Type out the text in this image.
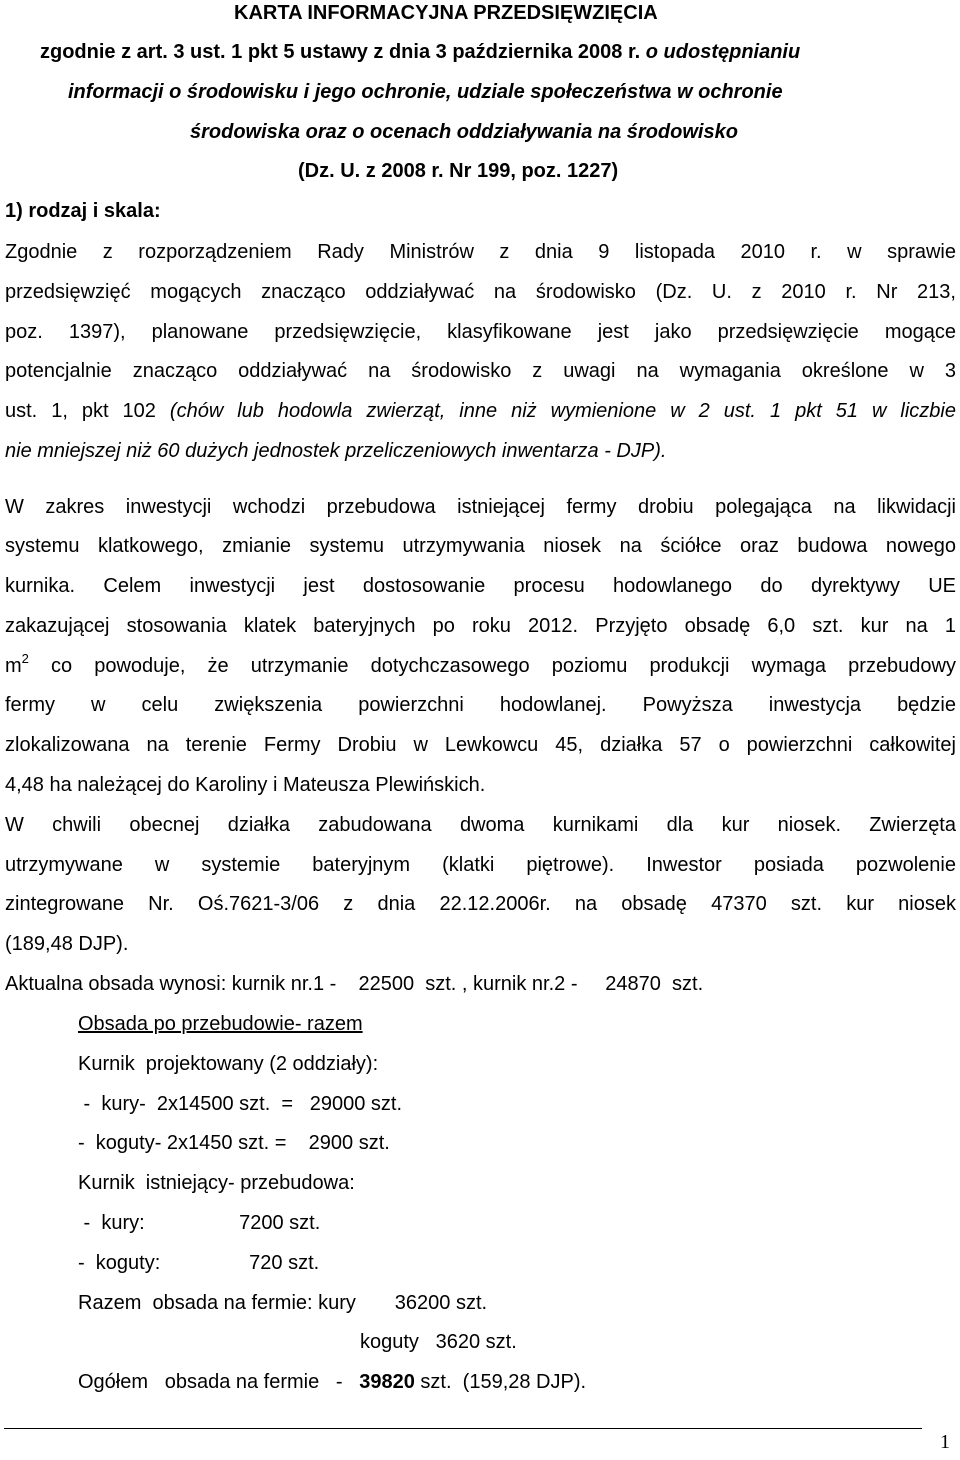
KARTA INFORMACYJNA PRZEDSIĘWZIĘCIA
zgodnie z art. 3 ust. 1 pkt 5 ustawy z dnia 3 października 2008 r. o udostępnianiu
informacji o środowisku i jego ochronie, udziale społeczeństwa w ochronie
środowiska oraz o ocenach oddziaływania na środowisko
(Dz. U. z 2008 r. Nr 199, poz. 1227)
1) rodzaj i skala:
Zgodnie z rozporządzeniem Rady Ministrów z dnia 9 listopada 2010 r. w sprawie
przedsięwzięć mogących znacząco oddziaływać na środowisko (Dz. U. z 2010 r. Nr 213,
poz. 1397), planowane przedsięwzięcie, klasyfikowane jest jako przedsięwzięcie mogące
potencjalnie znacząco oddziaływać na środowisko z uwagi na wymagania określone w 3
ust. 1, pkt 102 (chów lub hodowla zwierząt, inne niż wymienione w 2 ust. 1 pkt 51 w liczbie
nie mniejszej niż 60 dużych jednostek przeliczeniowych inwentarza - DJP).
W zakres inwestycji wchodzi przebudowa istniejącej fermy drobiu polegająca na likwidacji
systemu klatkowego, zmianie systemu utrzymywania niosek na ściółce oraz budowa nowego
kurnika. Celem inwestycji jest dostosowanie procesu hodowlanego do dyrektywy UE
zakazującej stosowania klatek bateryjnych po roku 2012. Przyjęto obsadę 6,0 szt. kur na 1
$m^2$ co powoduje, że utrzymanie dotychczasowego poziomu produkcji wymaga przebudowy
fermy w celu zwiększenia powierzchni hodowlanej. Powyższa inwestycja będzie
zlokalizowana na terenie Fermy Drobiu w Lewkowcu 45, działka 57 o powierzchni całkowitej
4,48 ha należącej do Karoliny i Mateusza Plewińskich.
W chwili obecnej działka zabudowana dwoma kurnikami dla kur niosek. Zwierzęta
utrzymywane w systemie bateryjnym (klatki piętrowe). Inwestor posiada pozwolenie
zintegrowane Nr. Oś.7621-3/06 z dnia 22.12.2006r. na obsadę 47370 szt. kur niosek
(189,48 DJP).
Aktualna obsada wynosi: kurnik nr.1 -    22500  szt. , kurnik nr.2 -     24870  szt.
Obsada po przebudowie- razem
Kurnik  projektowany (2 oddziały):
-  kury-  2x14500 szt.  =   29000 szt.
-  koguty- 2x1450 szt. =    2900 szt.
Kurnik  istniejący- przebudowa:
-  kury:                 7200 szt.
-  koguty:                720 szt.
Razem  obsada na fermie: kury       36200 szt.
koguty   3620 szt.
Ogółem   obsada na fermie   -   39820 szt.  (159,28 DJP).
1
